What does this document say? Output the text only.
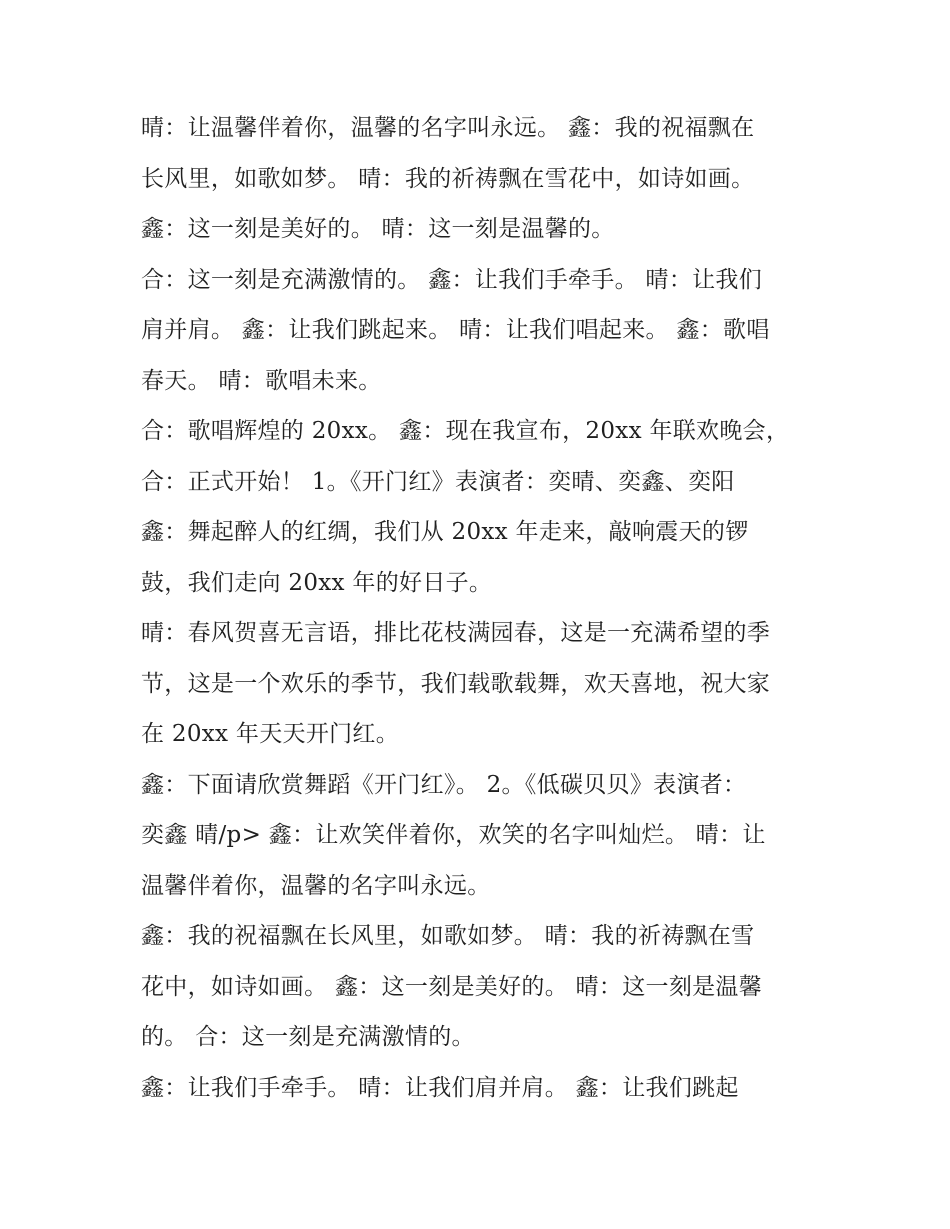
晴：让温馨伴着你，温馨的名字叫永远。 鑫：我的祝福飘在
长风里，如歌如梦。 晴：我的祈祷飘在雪花中，如诗如画。
鑫：这一刻是美好的。 晴：这一刻是温馨的。
合：这一刻是充满激情的。 鑫：让我们手牵手。 晴：让我们
肩并肩。 鑫：让我们跳起来。 晴：让我们唱起来。 鑫：歌唱
春天。 晴：歌唱未来。
合：歌唱辉煌的 20xx。 鑫：现在我宣布，20xx 年联欢晚会，
合：正式开始！ 1。《开门红》表演者：奕晴、奕鑫、奕阳
鑫：舞起醉人的红绸，我们从 20xx 年走来，敲响震天的锣
鼓，我们走向 20xx 年的好日子。
晴：春风贺喜无言语，排比花枝满园春，这是一充满希望的季
节，这是一个欢乐的季节，我们载歌载舞，欢天喜地，祝大家
在 20xx 年天天开门红。
鑫：下面请欣赏舞蹈《开门红》。 2。《低碳贝贝》表演者：
奕鑫 晴/p> 鑫：让欢笑伴着你，欢笑的名字叫灿烂。 晴：让
温馨伴着你，温馨的名字叫永远。
鑫：我的祝福飘在长风里，如歌如梦。 晴：我的祈祷飘在雪
花中，如诗如画。 鑫：这一刻是美好的。 晴：这一刻是温馨
的。 合：这一刻是充满激情的。
鑫：让我们手牵手。 晴：让我们肩并肩。 鑫：让我们跳起
